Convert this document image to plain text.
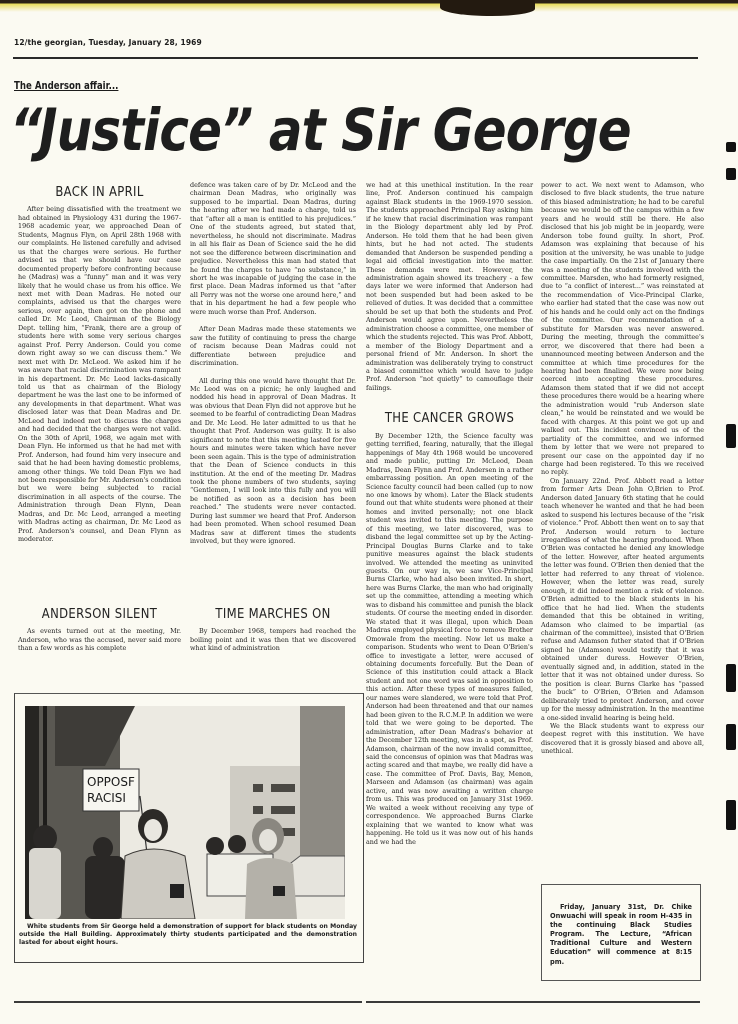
12/the georgian, Tuesday, January 28, 1969
The Anderson affair...
“Justice” at Sir George
BACK IN APRIL

After being dissatisfied with the treatment we had obtained in Physiology 431 during the 1967-1968 academic year, we approached Dean of Students, Magnus Flyn, on April 28th 1968 with our complaints. He listened carefully and advised us that the charges were serious. He further advised us that we should have our case documented properly before confronting because he (Madras) was a “funny” man and it was very likely that he would chase us from his office. We next met with Dean Madras. He noted our complaints, advised us that the charges were serious, over again, then got on the phone and called Dr. Mc Leod, Chairman of the Biology Dept. telling him, “Frank, there are a group of students here with some very serious charges against Prof. Perry Anderson. Could you come down right away so we can discuss them.” We next met with Dr. McLeod. We asked him if he was aware that racial discrimination was rampant in his department. Dr. Mc Leod lacks-dasically told us that as chairman of the Biology department he was the last one to be informed of any developments in that department. What was disclosed later was that Dean Madras and Dr. McLeod had indeed met to discuss the charges and had decided that the charges were not valid. On the 30th of April, 1968, we again met with Dean Flyn. He informed us that he had met with Prof. Anderson, had found him very insecure and said that he had been having domestic problems, among other things. We told Dean Flyn we had not been responsible for Mr. Anderson's condition but we were being subjected to racial discrimination in all aspects of the course. The Administration through Dean Flynn, Dean Madras, and Dr. Mc Leod, arranged a meeting with Madras acting as chairman, Dr. Mc Leod as Prof. Anderson's counsel, and Dean Flynn as moderator.

ANDERSON SILENT

As events turned out at the meeting, Mr. Anderson, who was the accused, never said more than a few words as his complete

defence was taken care of by Dr. McLeod and the chairman Dean Madras, who originally was supposed to be impartial. Dean Madras, during the hearing after we had made a charge, told us that “after all a man is entitled to his prejudices.” One of the students agreed, but stated that, nevertheless, he should not discriminate. Madras in all his flair as Dean of Science said the he did not see the difference between discrimination and prejudice. Nevertheless this man had stated that he found the charges to have “no substance,” in short he was incapable of judging the case in the first place. Dean Madras informed us that “after all Perry was not the worse one around here,” and that in his department he had a few people who were much worse than Prof. Anderson.

After Dean Madras made these statements we saw the futility of continuing to press the charge of racism because Dean Madras could not differentiate between prejudice and discrimination.

All during this one would have thought that Dr. Mc Leod was on a picnic; he only laughed and nodded his head in approval of Dean Madras. It was obvious that Dean Flyn did not approve but he seemed to be fearful of contradicting Dean Madras and Dr. Mc Leod. He later admitted to us that he thought that Prof. Anderson was guilty. It is also significant to note that this meeting lasted for five hours and minutes were taken which have never been seen again. This is the type of administration that the Dean of Science conducts in this institution. At the end of the meeting Dr. Madras took the phone numbers of two students, saying “Gentlemen, I will look into this fully and you will be notified as soon as a decision has been reached.” The students were never contacted. During last summer we heard that Prof. Anderson had been promoted. When school resumed Dean Madras saw at different times the students involved, but they were ignored.

TIME MARCHES ON

By December 1968, tempers had reached the boiling point and it was then that we discovered what kind of administration

we had at this unethical institution. In the rear line, Prof. Anderson continued his campaign against Black students in the 1969-1970 session. The students approached Principal Ray asking him if he knew that racial discrimination was rampant in the Biology department ably led by Prof. Anderson. He told them that he had been given hints, but he had not acted. The students demanded that Anderson be suspended pending a legal aid official investigation into the matter. These demands were met. However, the administration again showed its treachery - a few days later we were informed that Anderson had not been suspended but had been asked to be relieved of duties. It was decided that a committee should be set up that both the students and Prof. Anderson would agree upon. Nevertheless the administration choose a committee, one member of which the students rejected. This was Prof. Abbott, a member of the Biology Department and a personal friend of Mr. Anderson. In short the administration was deliberately trying to construct a biased committee which would have to judge Prof. Anderson “not quietly” to camouflage their failings.

THE CANCER GROWS

By December 12th, the Science faculty was getting terrified, fearing, naturally, that the illegal happenings of May 4th 1968 would be uncovered and made public, putting Dr. McLeod, Dean Madras, Dean Flynn and Prof. Andersen in a rather embarrassing position. An open meeting of the Science faculty council had been called (up to now no one knows by whom). Later the Black students found out that white students were phoned at their homes and invited personally; not one black student was invited to this meeting. The purpose of this meeting, we later discovered, was to disband the legal committee set up by the Acting-Principal Douglas Burns Clarke and to take punitive measures against the black students involved. We attended the meeting as uninvited guests. On our way in, we saw Vice-Principal Burns Clarke, who had also been invited. In short, here was Burns Clarke, the man who had originally set up the committee, attending a meeting which was to disband his committee and punish the black students. Of course the meeting ended in disorder. We stated that it was illegal, upon which Dean Madras employed physical force to remove Brother Omowale from the meeting. Now let us make a comparison. Students who went to Dean O'Brien's office to investigate a letter, were accused of obtaining documents forcefully. But the Dean of Science of this institution could attack a Black student and not one word was said in opposition to this action. After these types of measures failed, our names were slandered, we were told that Prof. Anderson had been threatened and that our names had been given to the R.C.M.P. In addition we were told that we were going to be deported. The administration, after Dean Madras's behavior at the December 12th meeting, was in a spot, as Prof. Adamson, chairman of the now invalid committee, said the concensus of opinion was that Madras was acting scared and that maybe, we really did have a case. The committee of Prof. Davis, Bay, Menon, Marseen and Adamson (as chairman) was again active, and was now awaiting a written charge from us. This was produced on January 31st 1969. We waited a week without receiving any type of correspondence. We approached Burns Clarke explaining that we wanted to know what was happening. He told us it was now out of his hands and we had the

power to act. We next went to Adamson, who disclosed to five black students, the true nature of this biased administration; he had to be careful because we would be off the campus within a few years and he would still be there. He also disclosed that his job might be in jeopardy, were Anderson tobe found guilty. In short, Prof. Adamson was explaining that because of his position at the university, he was unable to judge the case impartially. On the 21st of January there was a meeting of the students involved with the committee. Marsden, who had formerly resigned, due to “a conflict of interest...” was reinstated at the recommendation of Vice-Principal Clarke, who earlier had stated that the case was now out of his hands and he could only act on the findings of the committee. Our recommendation of a substitute for Marsden was never answered. During the meeting, through the committee's error, we discovered that there had been a unannounced meeting between Anderson and the committee at which time procedures for the hearing had been finalized. We were now being coerced into accepting these procedures. Adamson them stated that if we did not accept these procedures there would be a hearing where the administration would “rub Anderson slate clean,” he would be reinstated and we would be faced with charges. At this point we got up and walked out. This incident convinced us of the partiality of the committee, and we informed them by letter that we were not prepared to present our case on the appointed day if no charge had been registered. To this we received no reply.

On January 22nd. Prof. Abbott read a letter from former Arts Dean John O,Brien to Prof. Anderson dated January 6th stating that he could teach whenever he wanted and that he had been asked to suspend his lectures because of the “risk of violence.” Prof. Abbott then went on to say that Prof. Anderson would return to lecture irregardless of what the hearing produced. When O'Brien was contacted he denied any knowledge of the letter. However, after heated arguments the letter was found. O'Brien then denied that the letter had referred to any threat of violence. However, when the letter was read, surely enough, it did indeed mention a risk of violence. O'Brien admitted to the black students in his office that he had lied. When the students demanded that this be obtained in writing, Adamson who claimed to be impartial (as chairman of the committee), insisted that O'Brien refuse and Adamson futher stated that if O'Brien signed he (Adamson) would testify that it was obtained under duress. However O'Brien, eventually signed and, in addition, stated in the letter that it was not obtained under duress. So the position is clear. Burns Clarke has “passed the buck” to O'Brien, O'Brien and Adamson deliberately tried to protect Anderson, and cover up for the messy administration. In the meantime a one-sided invalid hearing is being held.

We the Black students want to express our deepest regret with this institution. We have discovered that it is grossly biased and above all, unethical.

OPPOSF
RACISI
White students from Sir George held a demonstration of support for black students on Monday outside the Hall Building. Approximately thirty students participated and the demonstration lasted for about eight hours.
Friday, January 31st, Dr. Chike Onwuachi will speak in room H-435 in the continuing Black Studies Program. The Lecture, “African Traditional Culture and Western Education” will commence at 8:15 pm.
